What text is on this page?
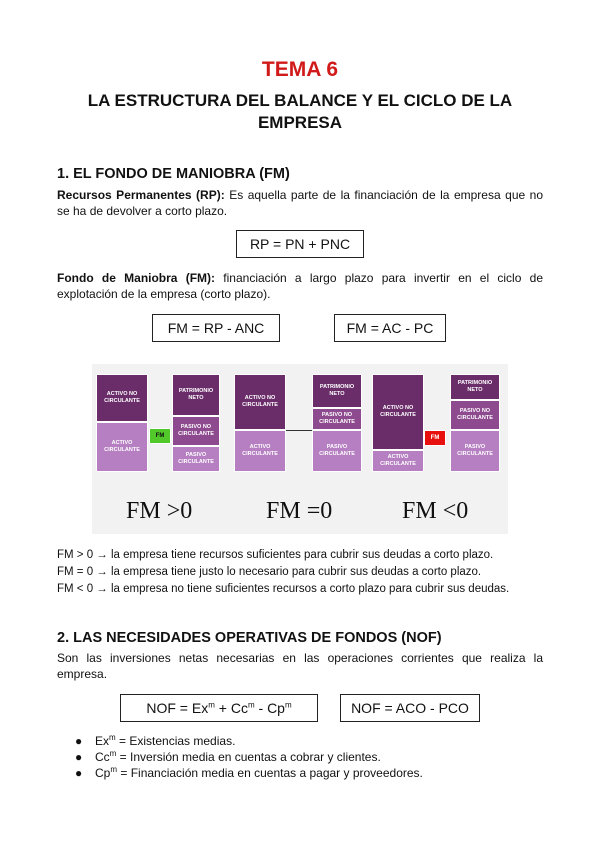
TEMA 6
LA ESTRUCTURA DEL BALANCE Y EL CICLO DE LA EMPRESA
1. EL FONDO DE MANIOBRA (FM)
Recursos Permanentes (RP): Es aquella parte de la financiación de la empresa que no se ha de devolver a corto plazo.
RP = PN + PNC
Fondo de Maniobra (FM): financiación a largo plazo para invertir en el ciclo de explotación de la empresa (corto plazo).
FM = RP - ANC	FM = AC - PC
ACTIVO NO CIRCULANTE
ACTIVO CIRCULANTE
FM
PATRIMONIO NETO
PASIVO NO CIRCULANTE
PASIVO CIRCULANTE
ACTIVO NO CIRCULANTE
ACTIVO CIRCULANTE
PATRIMONIO NETO
PASIVO NO CIRCULANTE
PASIVO CIRCULANTE
ACTIVO NO CIRCULANTE
ACTIVO CIRCULANTE
FM
PATRIMONIO NETO
PASIVO NO CIRCULANTE
PASIVO CIRCULANTE
FM >0	FM =0	FM <0
FM > 0 → la empresa tiene recursos suficientes para cubrir sus deudas a corto plazo.
FM = 0 → la empresa tiene justo lo necesario para cubrir sus deudas a corto plazo.
FM < 0 → la empresa no tiene suficientes recursos a corto plazo para cubrir sus deudas.
2. LAS NECESIDADES OPERATIVAS DE FONDOS (NOF)
Son las inversiones netas necesarias en las operaciones corrientes que realiza la empresa.
NOF = $Ex^m + Cc^m - Cp^m$	NOF = ACO - PCO
● $Ex^m$ = Existencias medias.
● $Cc^m$ = Inversión media en cuentas a cobrar y clientes.
● $Cp^m$ = Financiación media en cuentas a pagar y proveedores.
